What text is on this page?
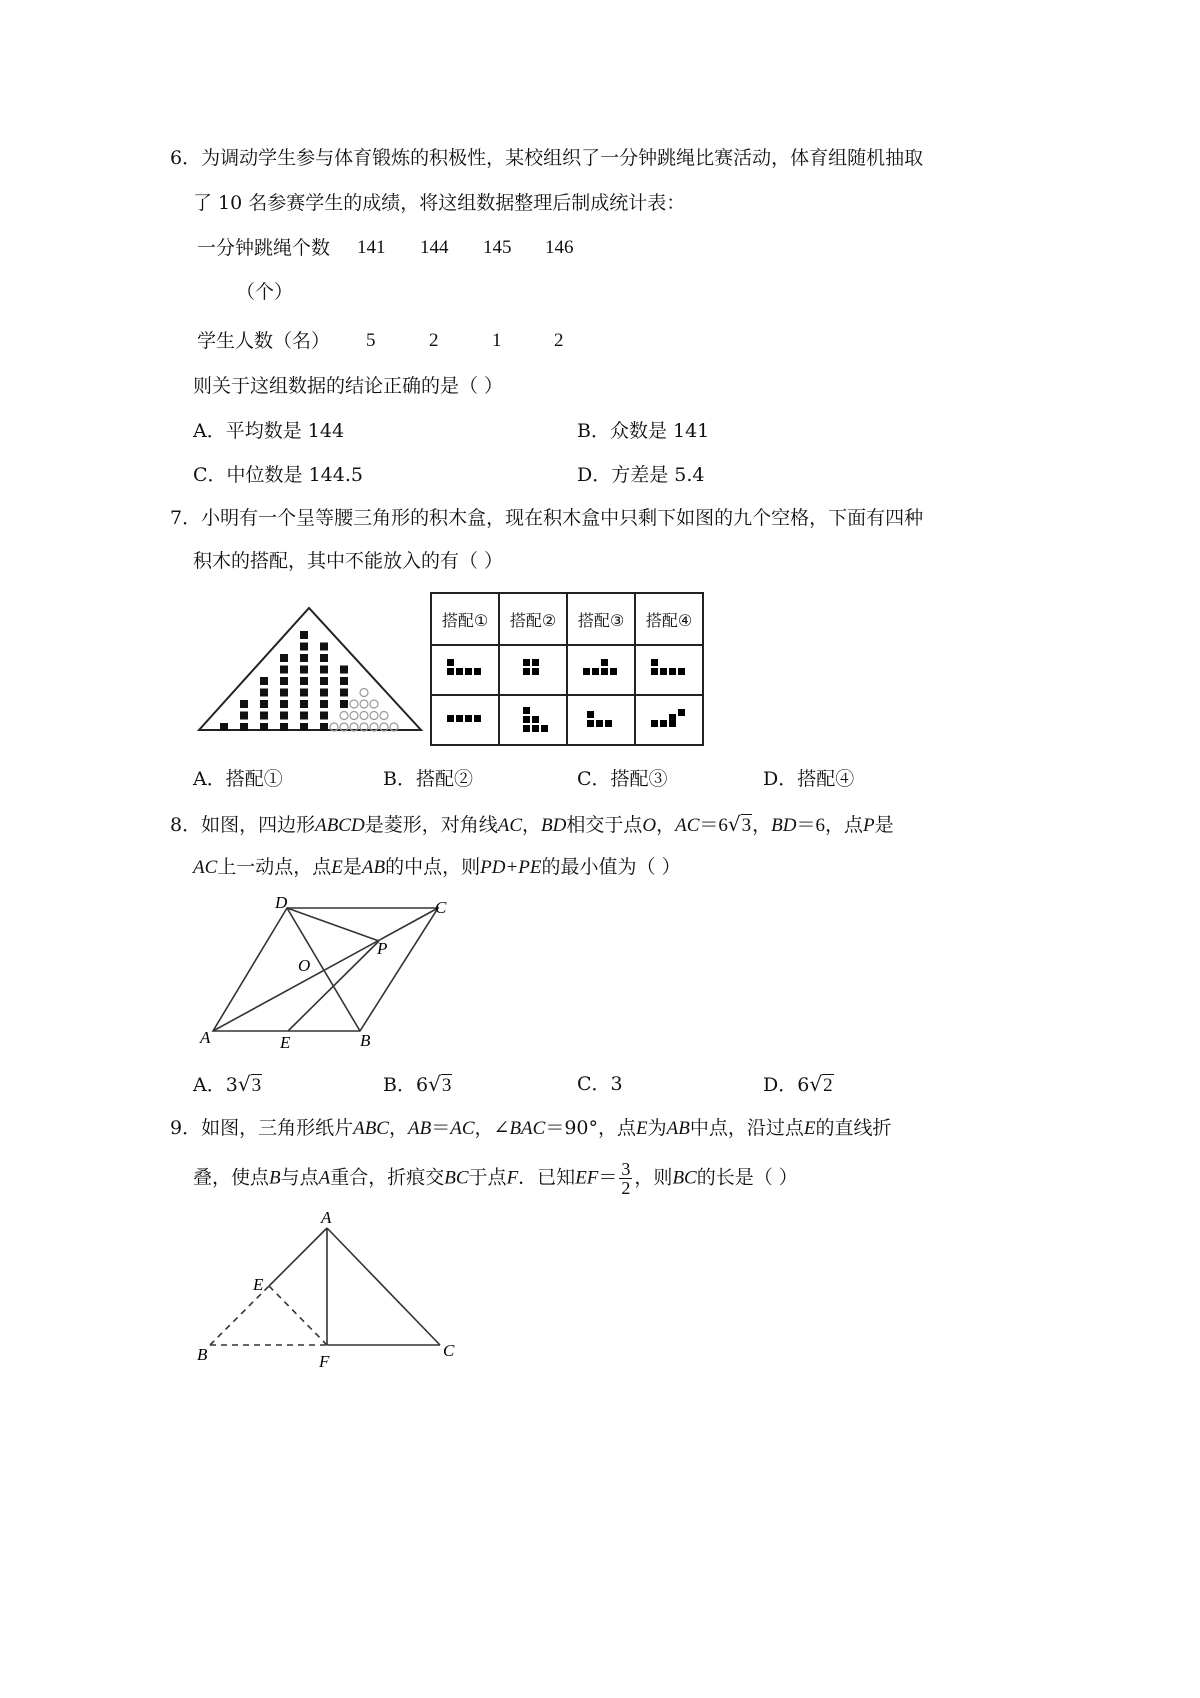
6．为调动学生参与体育锻炼的积极性，某校组织了一分钟跳绳比赛活动，体育组随机抽取
了 10 名参赛学生的成绩，将这组数据整理后制成统计表：
一分钟跳绳个数 141 144 145 146
（个）
学生人数（名） 5	2	1	2
则关于这组数据的结论正确的是（ ）
A．平均数是 144	B．众数是 141
C．中位数是 144.5	D．方差是 5.4
7．小明有一个呈等腰三角形的积木盒，现在积木盒中只剩下如图的九个空格，下面有四种
积木的搭配，其中不能放入的有（ ）
搭配①	搭配②	搭配③	搭配④

A．搭配①	B．搭配②	C．搭配③	D．搭配④
8．如图，四边形ABCD是菱形，对角线AC，BD相交于点O，AC＝6√3，BD＝6，点P是
AC上一动点，点E是AB的中点，则PD+PE的最小值为（ ）
A	B
C
D
O
P
E
A．3√3	B．6√3	C．3	D．6√2
9．如图，三角形纸片ABC，AB＝AC，∠BAC＝90°，点E为AB中点，沿过点E的直线折
叠，使点B与点A重合，折痕交BC于点F．已知$EF= \frac{3}{2}$ ，则BC的长是（ ）
A
B	C
E
F
